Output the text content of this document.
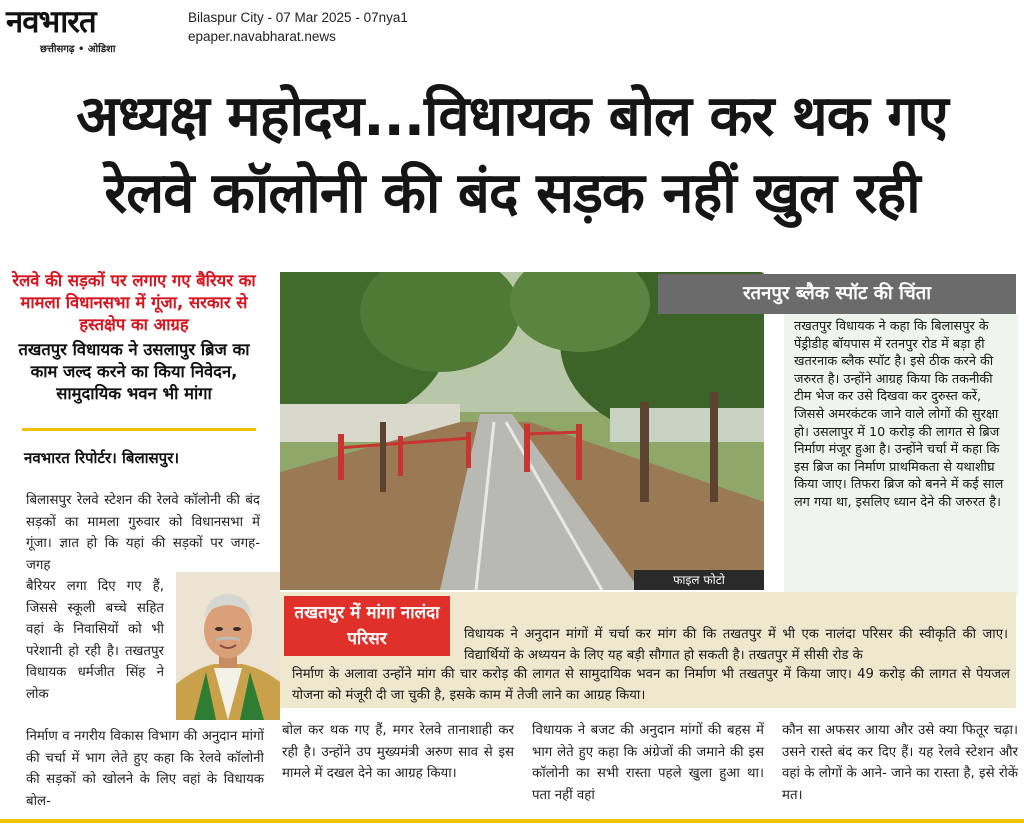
नवभारत
छत्तीसगढ़ • ओडिशा
Bilaspur City - 07 Mar 2025 - 07nya1
epaper.navabharat.news
अध्यक्ष महोदय...विधायक बोल कर थक गए
रेलवे कॉलोनी की बंद सड़क नहीं खुल रही
रेलवे की सड़कों पर लगाए गए बैरियर का मामला विधानसभा में गूंजा, सरकार से हस्तक्षेप का आग्रह
तखतपुर विधायक ने उसलापुर ब्रिज का काम जल्द करने का किया निवेदन, सामुदायिक भवन भी मांगा
नवभारत रिपोर्टर। बिलासपुर।
बिलासपुर रेलवे स्टेशन की रेलवे कॉलोनी की बंद सड़कों का मामला गुरुवार को विधानसभा में गूंजा। ज्ञात हो कि यहां की सड़कों पर जगह- जगह
बैरियर लगा दिए गए हैं, जिससे स्कूली बच्चे सहित वहां के निवासियों को भी परेशानी हो रही है। तखतपुर विधायक धर्मजीत सिंह ने लोक
निर्माण व नगरीय विकास विभाग की अनुदान मांगों की चर्चा में भाग लेते हुए कहा कि रेलवे कॉलोनी की सड़कों को खोलने के लिए वहां के विधायक बोल-
फाइल फोटो
रतनपुर ब्लैक स्पॉट की चिंता
तखतपुर विधायक ने कहा कि बिलासपुर के पेंड्रीडीह बॉयपास में रतनपुर रोड में बड़ा ही खतरनाक ब्लैक स्पॉट है। इसे ठीक करने की जरुरत है। उन्होंने आग्रह किया कि तकनीकी टीम भेज कर उसे दिखवा कर दुरुस्त करें, जिससे अमरकंटक जाने वाले लोगों की सुरक्षा हो। उसलापुर में 10 करोड़ की लागत से ब्रिज निर्माण मंजूर हुआ है। उन्होंने चर्चा में कहा कि इस ब्रिज का निर्माण प्राथमिकता से यथाशीघ्र किया जाए। तिफरा ब्रिज को बनने में कई साल लग गया था, इसलिए ध्यान देने की जरुरत है।
तखतपुर में मांगा नालंदा परिसर	विधायक ने अनुदान मांगों में चर्चा कर मांग की कि तखतपुर में भी एक नालंदा परिसर की स्वीकृति की जाए। विद्यार्थियों के अध्ययन के लिए यह बड़ी सौगात हो सकती है। तखतपुर में सीसी रोड के
निर्माण के अलावा उन्होंने मांग की चार करोड़ की लागत से सामुदायिक भवन का निर्माण भी तखतपुर में किया जाए। 49 करोड़ की लागत से पेयजल योजना को मंजूरी दी जा चुकी है, इसके काम में तेजी लाने का आग्रह किया।
बोल कर थक गए हैं, मगर रेलवे तानाशाही कर रही है। उन्होंने उप मुख्यमंत्री अरुण साव से इस मामले में दखल देने का आग्रह किया।
विधायक ने बजट की अनुदान मांगों की बहस में भाग लेते हुए कहा कि अंग्रेजों की जमाने की इस कॉलोनी का सभी रास्ता पहले खुला हुआ था। पता नहीं वहां
कौन सा अफसर आया और उसे क्या फितूर चढ़ा। उसने रास्ते बंद कर दिए हैं। यह रेलवे स्टेशन और वहां के लोगों के आने- जाने का रास्ता है, इसे रोकें मत।
